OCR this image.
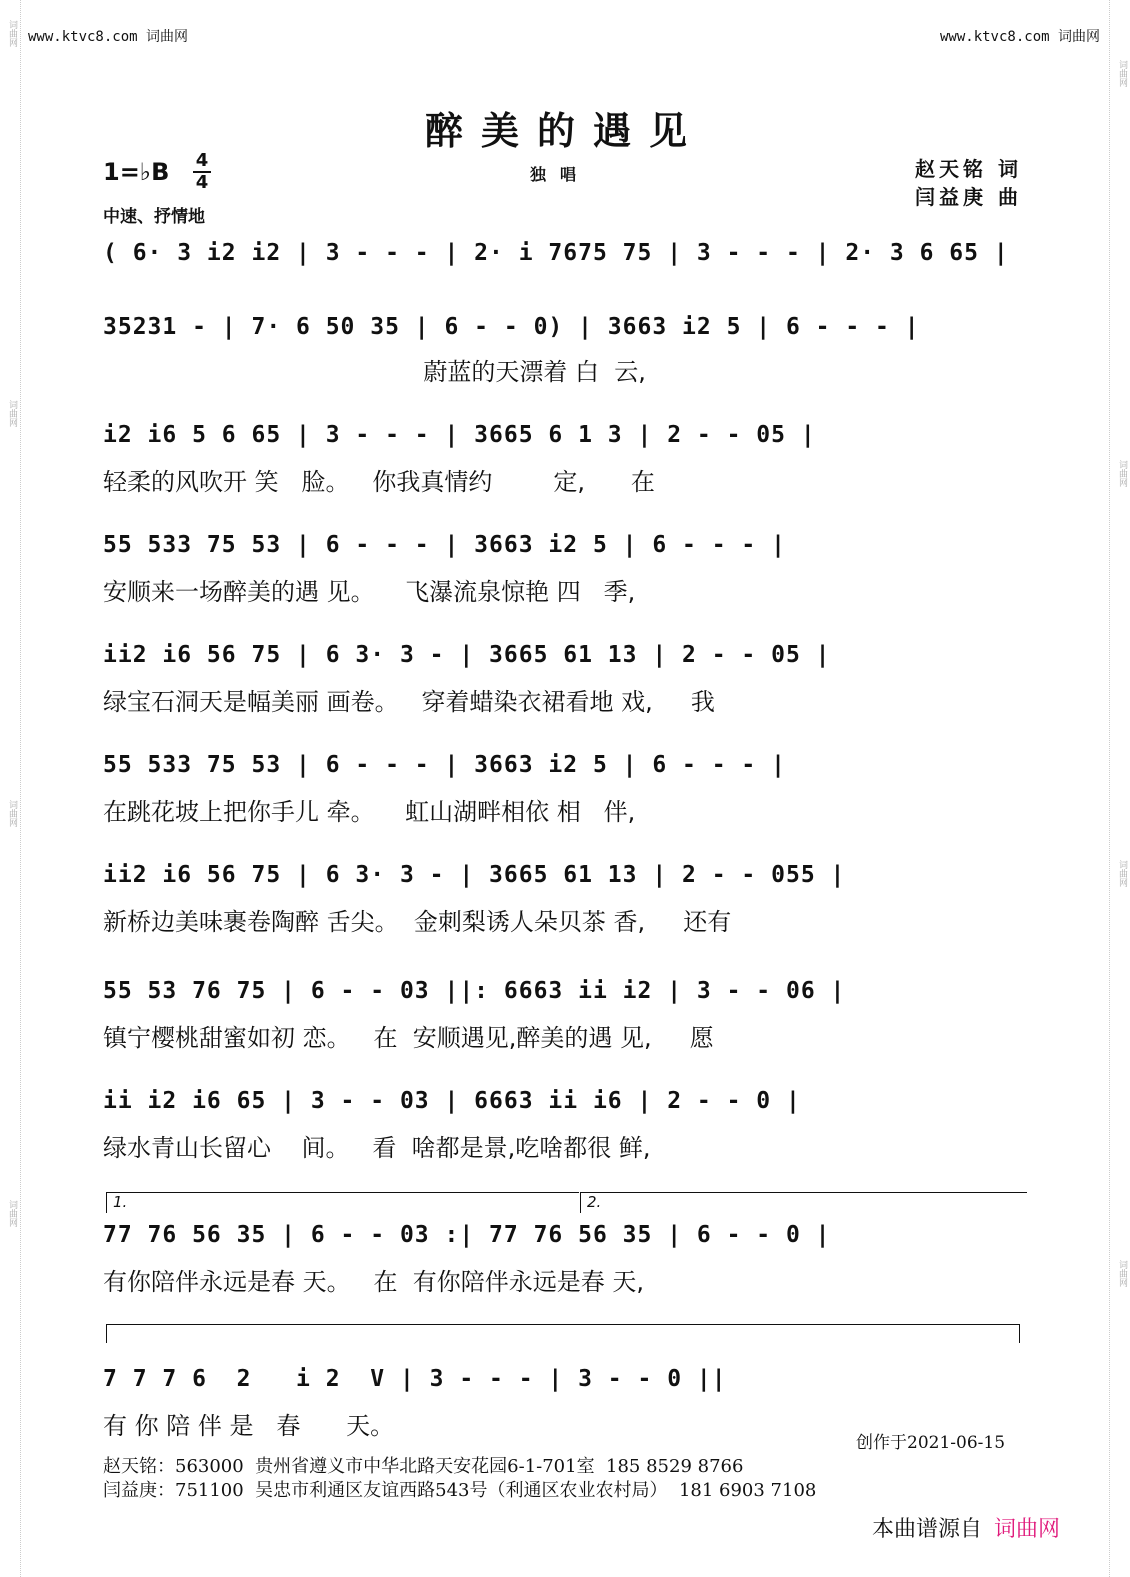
词曲网
词曲网
词曲网
词曲网
词曲网
词曲网
词曲网
词曲网
www.ktvc8.com 词曲网	www.ktvc8.com 词曲网
醉美的遇见
1=♭B 4
4
中速、抒情地
独唱	赵天铭 词
闫益庚 曲
( 6· 3 i2 i2 | 3 - - - | 2· i 7675 75 | 3 - - - | 2· 3 6 65 |
35231 - | 7· 6 50 35 | 6 - - 0) | 3663 i2 5 | 6 - - - |
蔚蓝的天漂着 白  云,
i2 i6 5 6 65 | 3 - - - | 3665 6 1 3 | 2 - - 05 |
轻柔的风吹开 笑   脸。   你我真情约        定,      在
55 533 75 53 | 6 - - - | 3663 i2 5 | 6 - - - |
安顺来一场醉美的遇 见。    飞瀑流泉惊艳 四   季,
ii2 i6 56 75 | 6 3· 3 - | 3665 61 13 | 2 - - 05 |
绿宝石洞天是幅美丽 画卷。   穿着蜡染衣裙看地 戏,     我
55 533 75 53 | 6 - - - | 3663 i2 5 | 6 - - - |
在跳花坡上把你手儿 牵。    虹山湖畔相依 相   伴,
ii2 i6 56 75 | 6 3· 3 - | 3665 61 13 | 2 - - 055 |
新桥边美味裹卷陶醉 舌尖。  金刺梨诱人朵贝茶 香,     还有
55 53 76 75 | 6 - - 03 ||: 6663 ii i2 | 3 - - 06 |
镇宁樱桃甜蜜如初 恋。   在  安顺遇见,醉美的遇 见,     愿
ii i2 i6 65 | 3 - - 03 | 6663 ii i6 | 2 - - 0 |
绿水青山长留心    间。   看  啥都是景,吃啥都很 鲜,
1.	2.
77 76 56 35 | 6 - - 03 :| 77 76 56 35 | 6 - - 0 |
有你陪伴永远是春 天。   在  有你陪伴永远是春 天,
7 7 7 6  2   i 2  V | 3 - - - | 3 - - 0 ||
有 你 陪 伴 是   春      天。
创作于2021-06-15
赵天铭：563000  贵州省遵义市中华北路天安花园6-1-701室  185 8529 8766
闫益庚：751100  吴忠市利通区友谊西路543号（利通区农业农村局）  181 6903 7108
本曲谱源自 词曲网
